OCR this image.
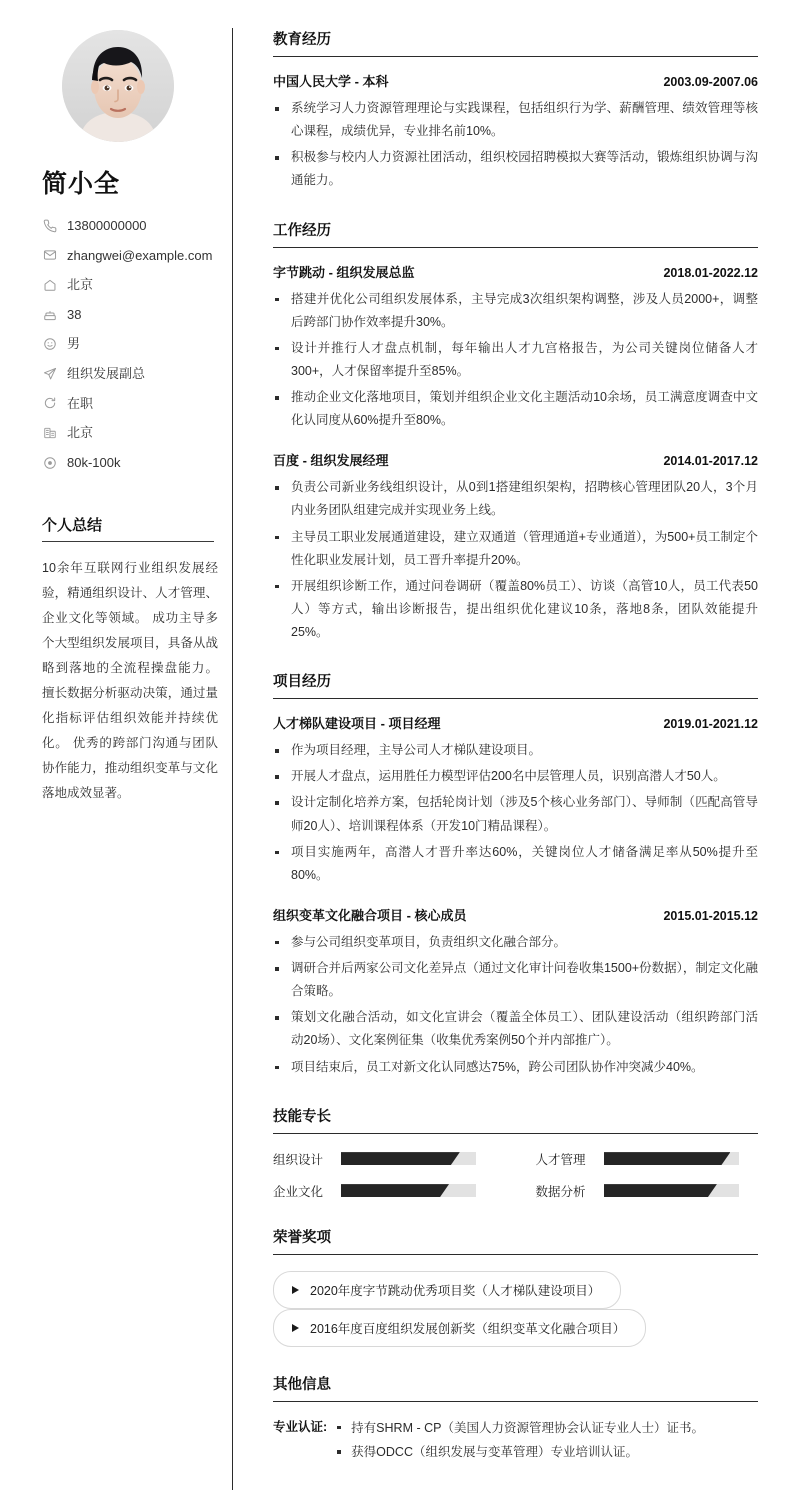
简小全
13800000000
zhangwei@example.com
北京
38
男
组织发展副总
在职
北京
80k-100k
个人总结

10余年互联网行业组织发展经验，精通组织设计、人才管理、企业文化等领域。 成功主导多个大型组织发展项目，具备从战略到落地的全流程操盘能力。 擅长数据分析驱动决策，通过量化指标评估组织效能并持续优化。 优秀的跨部门沟通与团队协作能力，推动组织变革与文化落地成效显著。

教育经历
中国人民大学 - 本科	2003.09-2007.06
系统学习人力资源管理理论与实践课程，包括组织行为学、薪酬管理、绩效管理等核心课程，成绩优异，专业排名前10%。
积极参与校内人力资源社团活动，组织校园招聘模拟大赛等活动，锻炼组织协调与沟通能力。
工作经历
字节跳动 - 组织发展总监	2018.01-2022.12
搭建并优化公司组织发展体系，主导完成3次组织架构调整，涉及人员2000+，调整后跨部门协作效率提升30%。
设计并推行人才盘点机制，每年输出人才九宫格报告，为公司关键岗位储备人才300+，人才保留率提升至85%。
推动企业文化落地项目，策划并组织企业文化主题活动10余场，员工满意度调查中文化认同度从60%提升至80%。
百度 - 组织发展经理	2014.01-2017.12
负责公司新业务线组织设计，从0到1搭建组织架构，招聘核心管理团队20人，3个月内业务团队组建完成并实现业务上线。
主导员工职业发展通道建设，建立双通道（管理通道+专业通道），为500+员工制定个性化职业发展计划，员工晋升率提升20%。
开展组织诊断工作，通过问卷调研（覆盖80%员工）、访谈（高管10人，员工代表50人）等方式，输出诊断报告，提出组织优化建议10条，落地8条，团队效能提升25%。
项目经历
人才梯队建设项目 - 项目经理	2019.01-2021.12
作为项目经理，主导公司人才梯队建设项目。
开展人才盘点，运用胜任力模型评估200名中层管理人员，识别高潜人才50人。
设计定制化培养方案，包括轮岗计划（涉及5个核心业务部门）、导师制（匹配高管导师20人）、培训课程体系（开发10门精品课程）。
项目实施两年，高潜人才晋升率达60%，关键岗位人才储备满足率从50%提升至80%。
组织变革文化融合项目 - 核心成员	2015.01-2015.12
参与公司组织变革项目，负责组织文化融合部分。
调研合并后两家公司文化差异点（通过文化审计问卷收集1500+份数据），制定文化融合策略。
策划文化融合活动，如文化宣讲会（覆盖全体员工）、团队建设活动（组织跨部门活动20场）、文化案例征集（收集优秀案例50个并内部推广）。
项目结束后，员工对新文化认同感达75%，跨公司团队协作冲突减少40%。
技能专长
组织设计	人才管理
企业文化	数据分析
荣誉奖项
2020年度字节跳动优秀项目奖（人才梯队建设项目）
2016年度百度组织发展创新奖（组织变革文化融合项目）
其他信息
专业认证:	持有SHRM - CP（美国人力资源管理协会认证专业人士）证书。
获得ODCC（组织发展与变革管理）专业培训认证。
